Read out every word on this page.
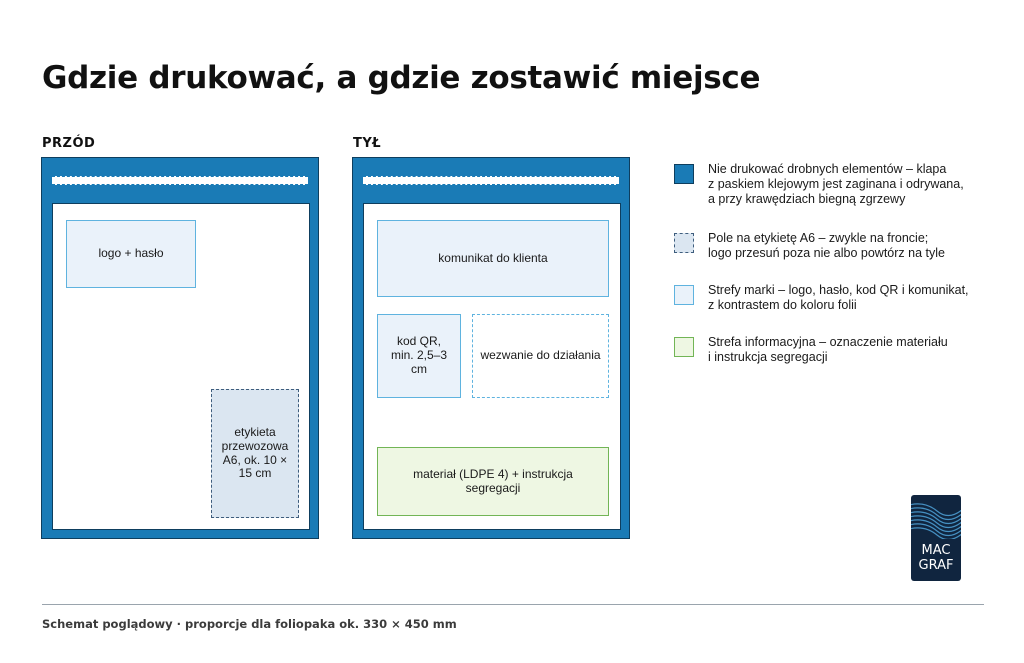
Gdzie drukować, a gdzie zostawić miejsce
PRZÓD
logo + hasło
etykieta przewozowa A6, ok. 10 × 15 cm
TYŁ
komunikat do klienta
kod QR, min. 2,5–3 cm
wezwanie do działania
materiał (LDPE 4) + instrukcja segregacji
Nie drukować drobnych elementów – klapa
z paskiem klejowym jest zaginana i odrywana,
a przy krawędziach biegną zgrzewy
Pole na etykietę A6 – zwykle na froncie;
logo przesuń poza nie albo powtórz na tyle
Strefy marki – logo, hasło, kod QR i komunikat,
z kontrastem do koloru folii
Strefa informacyjna – oznaczenie materiału
i instrukcja segregacji
MAC
GRAF
Schemat poglądowy · proporcje dla foliopaka ok. 330 × 450 mm
